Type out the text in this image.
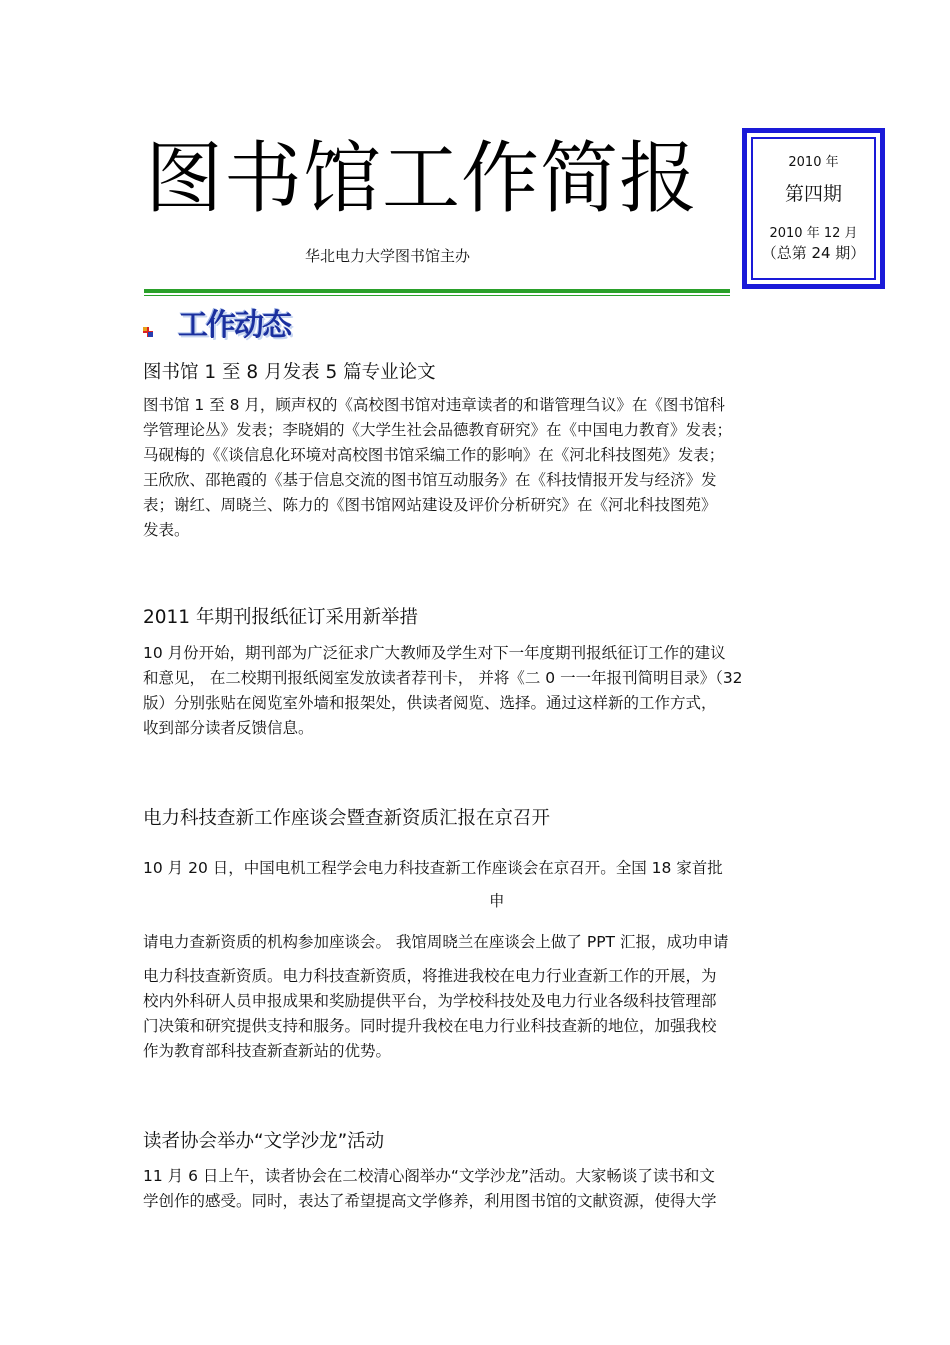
图书馆工作简报
华北电力大学图书馆主办
2010 年
第四期
2010 年 12 月
（总第 24 期）
工作动态
图书馆 1 至 8 月发表 5 篇专业论文
图书馆 1 至 8 月，顾声权的《高校图书馆对违章读者的和谐管理刍议》在《图书馆科
学管理论丛》发表；李晓娟的《大学生社会品德教育研究》在《中国电力教育》发表；
马砚梅的《《谈信息化环境对高校图书馆采编工作的影响》在《河北科技图苑》发表；
王欣欣、邵艳霞的《基于信息交流的图书馆互动服务》在《科技情报开发与经济》发
表；谢红、周晓兰、陈力的《图书馆网站建设及评价分析研究》在《河北科技图苑》
发表。
2011 年期刊报纸征订采用新举措
10 月份开始，期刊部为广泛征求广大教师及学生对下一年度期刊报纸征订工作的建议
和意见， 在二校期刊报纸阅室发放读者荐刊卡， 并将《二 0 一一年报刊简明目录》（32
版）分别张贴在阅览室外墙和报架处，供读者阅览、选择。通过这样新的工作方式，
收到部分读者反馈信息。
电力科技查新工作座谈会暨查新资质汇报在京召开
10 月 20 日，中国电机工程学会电力科技查新工作座谈会在京召开。全国 18 家首批
申
请电力查新资质的机构参加座谈会。 我馆周晓兰在座谈会上做了 PPT 汇报，成功申请
电力科技查新资质。电力科技查新资质，将推进我校在电力行业查新工作的开展，为
校内外科研人员申报成果和奖励提供平台，为学校科技处及电力行业各级科技管理部
门决策和研究提供支持和服务。同时提升我校在电力行业科技查新的地位，加强我校
作为教育部科技查新查新站的优势。
读者协会举办“文学沙龙”活动
11 月 6 日上午，读者协会在二校清心阁举办“文学沙龙”活动。大家畅谈了读书和文
学创作的感受。同时，表达了希望提高文学修养，利用图书馆的文献资源，使得大学
